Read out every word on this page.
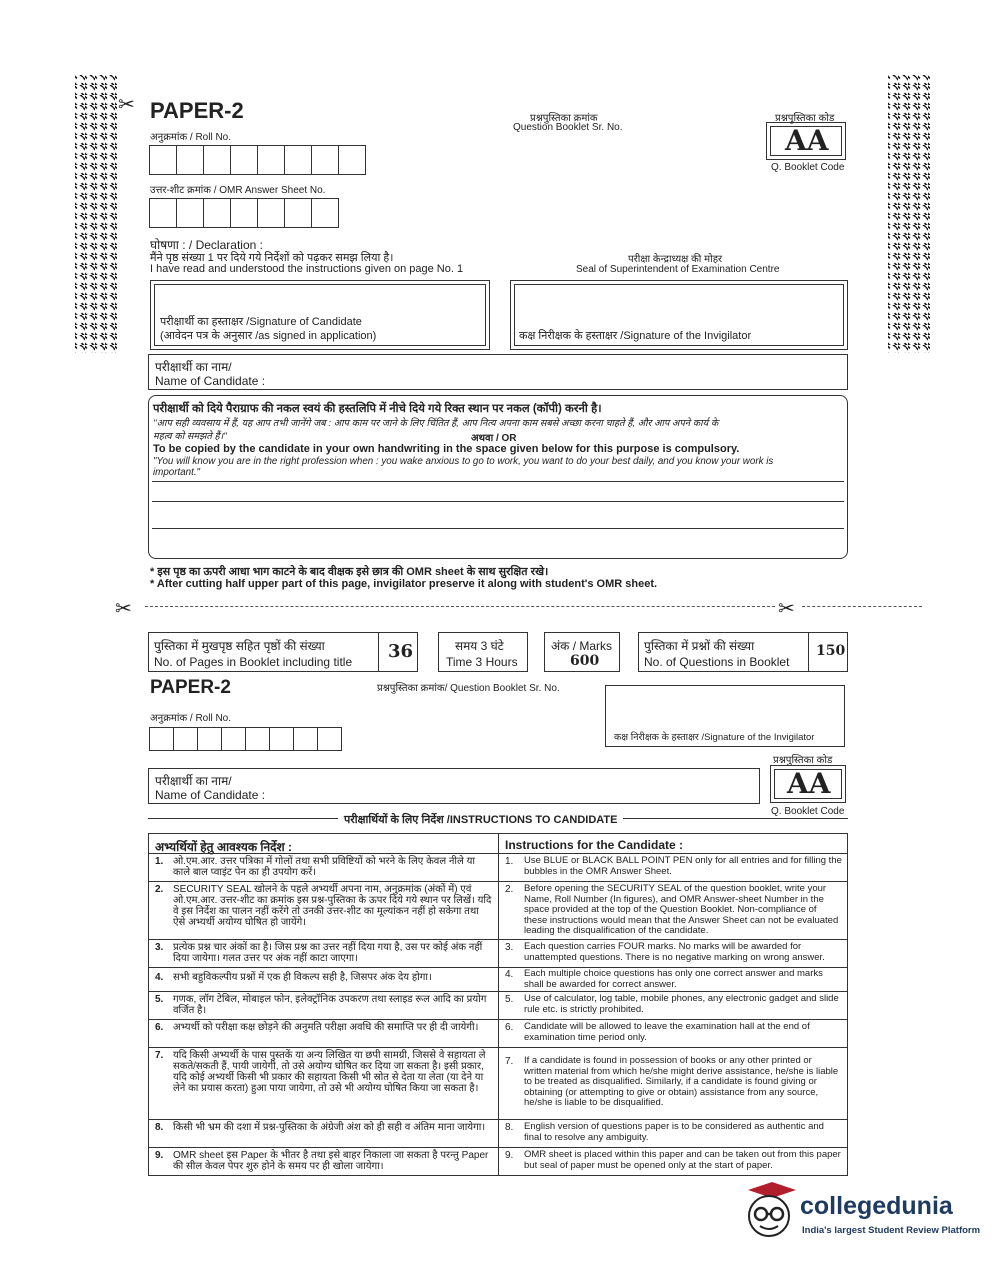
✂
✂	✂
PAPER-2
अनुक्रमांक / Roll No.
उत्तर-शीट क्रमांक / OMR Answer Sheet No.
प्रश्नपुस्तिका क्रमांक
Question Booklet Sr. No.
प्रश्नपुस्तिका कोड
AA
Q. Booklet Code
घोषणा : / Declaration :
मैंने पृष्ठ संख्या 1 पर दिये गये निर्देशों को पढ़कर समझ लिया है।
I have read and understood the instructions given on page No. 1
परीक्षा केन्द्राध्यक्ष की मोहर
Seal of Superintendent of Examination Centre
परीक्षार्थी का हस्ताक्षर /Signature of Candidate
(आवेदन पत्र के अनुसार /as signed in application)	कक्ष निरीक्षक के हस्ताक्षर /Signature of the Invigilator
परीक्षार्थी का नाम/
Name of Candidate :
परीक्षार्थी को दिये पैराग्राफ की नकल स्वयं की हस्तलिपि में नीचे दिये गये रिक्त स्थान पर नकल (कॉपी) करनी है।
''आप सही व्यवसाय में हैं, यह आप तभी जानेंगे जब : आप काम पर जाने के लिए चिंतित हैं, आप नित्य अपना काम सबसे अच्छा करना चाहते हैं, और आप अपने कार्य के
महत्व को समझते हैं।''	अथवा / OR
To be copied by the candidate in your own handwriting in the space given below for this purpose is compulsory.
"You will know you are in the right profession when : you wake anxious to go to work, you want to do your best daily, and you know your work is
important."
* इस पृष्ठ का ऊपरी आधा भाग काटने के बाद वीक्षक इसे छात्र की OMR sheet के साथ सुरक्षित रखे।
* After cutting half upper part of this page, invigilator preserve it along with student's OMR sheet.
पुस्तिका में मुखपृष्ठ सहित पृष्ठों की संख्या
No. of Pages in Booklet including title 36	समय 3 घंटे
Time 3 Hours
अंक / Marks
600
पुस्तिका में प्रश्नों की संख्या
No. of Questions in Booklet
150
PAPER-2	प्रश्नपुस्तिका क्रमांक/ Question Booklet Sr. No.
अनुक्रमांक / Roll No.
कक्ष निरीक्षक के हस्ताक्षर /Signature of the Invigilator
प्रश्नपुस्तिका कोड
AA
Q. Booklet Code
परीक्षार्थी का नाम/
Name of Candidate :
परीक्षार्थियों के लिए निर्देश /INSTRUCTIONS TO CANDIDATE
अभ्यर्थियों हेतु आवश्यक निर्देश :	Instructions for the Candidate :
1. ओ.एम.आर. उत्तर पत्रिका में गोलों तथा सभी प्रविष्टियों को भरने के लिए केवल नीले या काले बाल प्वाइंट पेन का ही उपयोग करें।
1. Use BLUE or BLACK BALL POINT PEN only for all entries and for filling the bubbles in the OMR Answer Sheet.
2. SECURITY SEAL खोलने के पहले अभ्यर्थी अपना नाम, अनुक्रमांक (अंकों में) एवं ओ.एम.आर. उत्तर-शीट का क्रमांक इस प्रश्न-पुस्तिका के ऊपर दिये गये स्थान पर लिखें। यदि वे इस निर्देश का पालन नहीं करेंगे तो उनकी उत्तर-शीट का मूल्यांकन नहीं हो सकेगा तथा ऐसे अभ्यर्थी अयोग्य घोषित हो जायेंगे।
2. Before opening the SECURITY SEAL of the question booklet, write your Name, Roll Number (In figures), and OMR Answer-sheet Number in the space provided at the top of the Question Booklet. Non-compliance of these instructions would mean that the Answer Sheet can not be evaluated leading the disqualification of the candidate.
3. प्रत्येक प्रश्न चार अंकों का है। जिस प्रश्न का उत्तर नहीं दिया गया है, उस पर कोई अंक नहीं दिया जायेगा। गलत उत्तर पर अंक नहीं काटा जाएगा।
3. Each question carries FOUR marks. No marks will be awarded for unattempted questions. There is no negative marking on wrong answer.
4. सभी बहुविकल्पीय प्रश्नों में एक ही विकल्प सही है, जिसपर अंक देय होगा।	4. Each multiple choice questions has only one correct answer and marks shall be awarded for correct answer.
5. गणक, लॉग टेबिल, मोबाइल फोन, इलेक्ट्रॉनिक उपकरण तथा स्लाइड रूल आदि का प्रयोग वर्जित है।
5. Use of calculator, log table, mobile phones, any electronic gadget and slide rule etc. is strictly prohibited.
6. अभ्यर्थी को परीक्षा कक्ष छोड़ने की अनुमति परीक्षा अवधि की समाप्ति पर ही दी जायेगी।	6. Candidate will be allowed to leave the examination hall at the end of examination time period only.
7. यदि किसी अभ्यर्थी के पास पुस्तकें या अन्य लिखित या छपी सामग्री, जिससे वे सहायता ले सकते/सकती हैं, पायी जायेगी, तो उसे अयोग्य घोषित कर दिया जा सकता है। इसी प्रकार, यदि कोई अभ्यर्थी किसी भी प्रकार की सहायता किसी भी स्रोत से देता या लेता (या देने या लेने का प्रयास करता) हुआ पाया जायेगा, तो उसे भी अयोग्य घोषित किया जा सकता है।
7. If a candidate is found in possession of books or any other printed or written material from which he/she might derive assistance, he/she is liable to be treated as disqualified. Similarly, if a candidate is found giving or obtaining (or attempting to give or obtain) assistance from any source, he/she is liable to be disqualified.
8. किसी भी भ्रम की दशा में प्रश्न-पुस्तिका के अंग्रेजी अंश को ही सही व अंतिम माना जायेगा।	8. English version of questions paper is to be considered as authentic and final to resolve any ambiguity.
9. OMR sheet इस Paper के भीतर है तथा इसे बाहर निकाला जा सकता है परन्तु Paper की सील केवल पेपर शुरु होने के समय पर ही खोला जायेगा।
9. OMR sheet is placed within this paper and can be taken out from this paper but seal of paper must be opened only at the start of paper.
collegedunia
India's largest Student Review Platform
